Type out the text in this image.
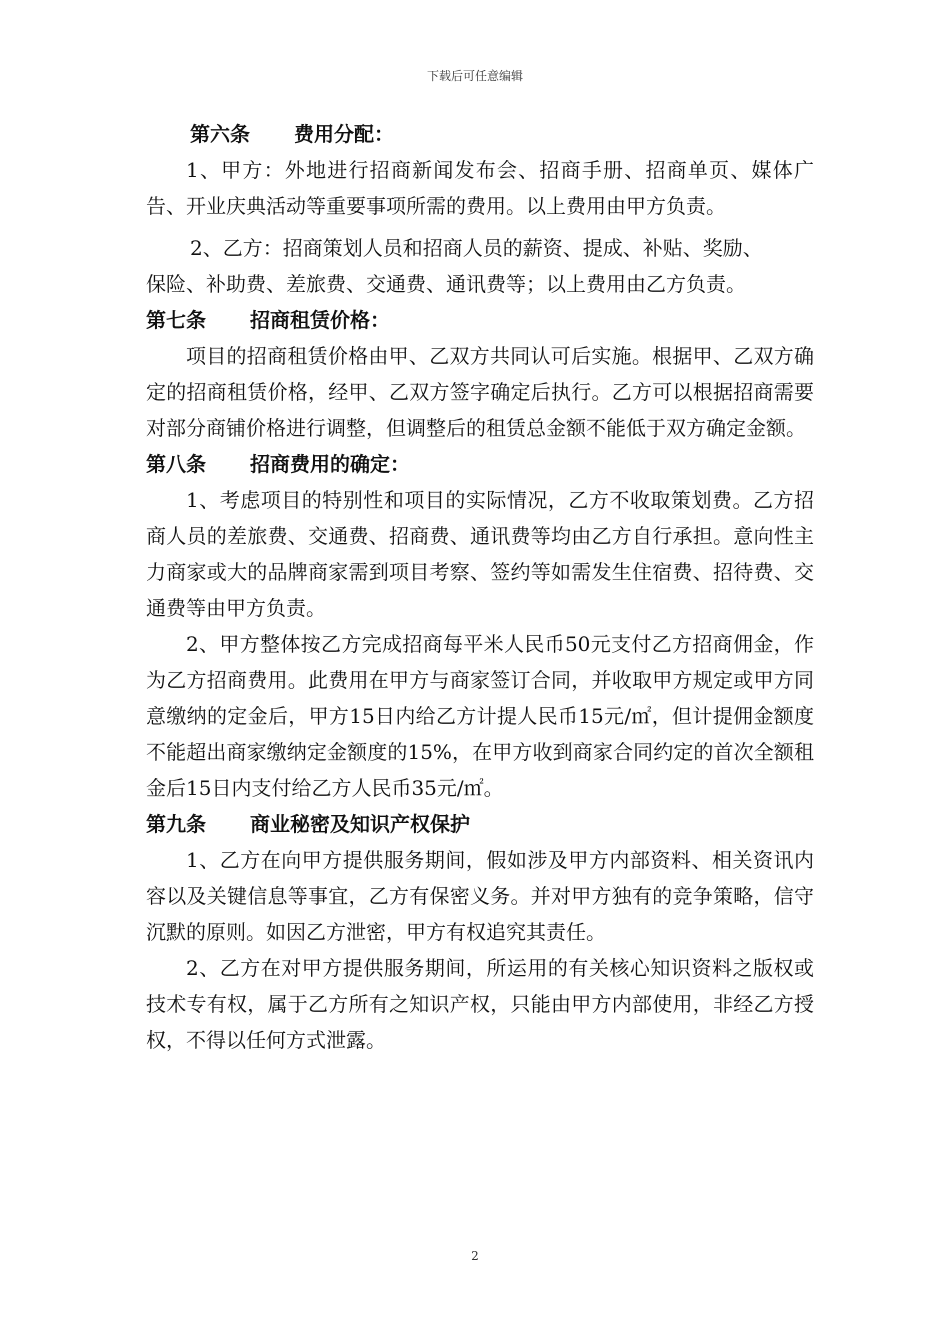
下载后可任意编辑
第六条 费用分配：
1、甲方：外地进行招商新闻发布会、招商手册、招商单页、媒体广告、开业庆典活动等重要事项所需的费用。以上费用由甲方负责。
2、乙方：招商策划人员和招商人员的薪资、提成、补贴、奖励、
保险、补助费、差旅费、交通费、通讯费等；以上费用由乙方负责。
第七条 招商租赁价格：
项目的招商租赁价格由甲、乙双方共同认可后实施。根据甲、乙双方确定的招商租赁价格，经甲、乙双方签字确定后执行。乙方可以根据招商需要对部分商铺价格进行调整，但调整后的租赁总金额不能低于双方确定金额。
第八条 招商费用的确定：
1、考虑项目的特别性和项目的实际情况，乙方不收取策划费。乙方招商人员的差旅费、交通费、招商费、通讯费等均由乙方自行承担。意向性主力商家或大的品牌商家需到项目考察、签约等如需发生住宿费、招待费、交通费等由甲方负责。
2、甲方整体按乙方完成招商每平米人民币50元支付乙方招商佣金，作为乙方招商费用。此费用在甲方与商家签订合同，并收取甲方规定或甲方同意缴纳的定金后，甲方15日内给乙方计提人民币15元/㎡，但计提佣金额度不能超出商家缴纳定金额度的15%，在甲方收到商家合同约定的首次全额租金后15日内支付给乙方人民币35元/㎡。
第九条 商业秘密及知识产权保护
1、乙方在向甲方提供服务期间，假如涉及甲方内部资料、相关资讯内容以及关键信息等事宜，乙方有保密义务。并对甲方独有的竞争策略，信守沉默的原则。如因乙方泄密，甲方有权追究其责任。
2、乙方在对甲方提供服务期间，所运用的有关核心知识资料之版权或技术专有权，属于乙方所有之知识产权，只能由甲方内部使用，非经乙方授权，不得以任何方式泄露。
2
